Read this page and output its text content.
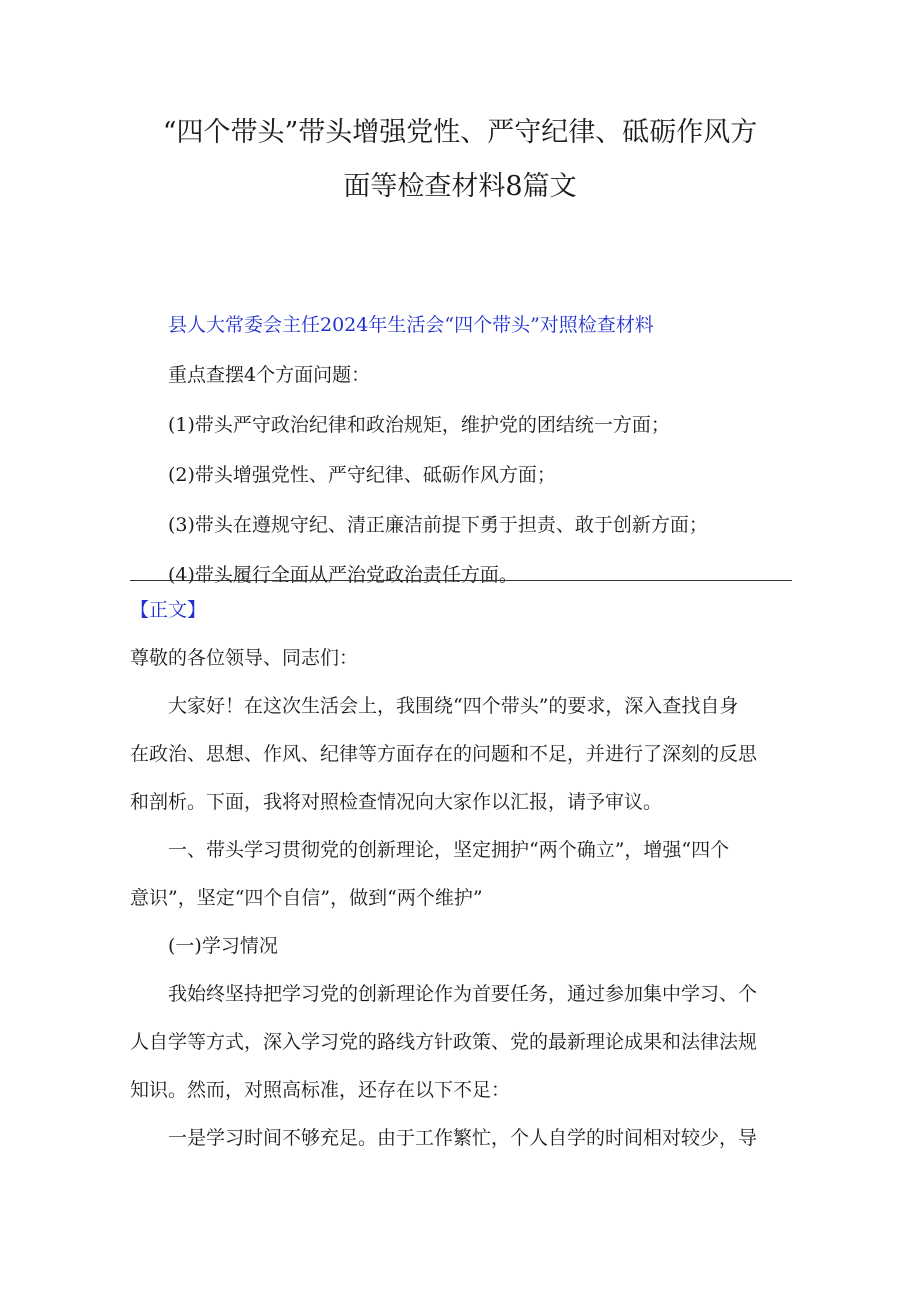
“四个带头”带头增强党性、严守纪律、砥砺作风方
面等检查材料8篇文
县人大常委会主任2024年生活会“四个带头”对照检查材料
重点查摆4个方面问题：
(1)带头严守政治纪律和政治规矩，维护党的团结统一方面；
(2)带头增强党性、严守纪律、砥砺作风方面；
(3)带头在遵规守纪、清正廉洁前提下勇于担责、敢于创新方面；
(4)带头履行全面从严治党政治责任方面。
【正文】
尊敬的各位领导、同志们：
大家好！在这次生活会上，我围绕“四个带头”的要求，深入查找自身
在政治、思想、作风、纪律等方面存在的问题和不足，并进行了深刻的反思
和剖析。下面，我将对照检查情况向大家作以汇报，请予审议。
一、带头学习贯彻党的创新理论，坚定拥护“两个确立”，增强“四个
意识”，坚定“四个自信”，做到“两个维护”
(一)学习情况
我始终坚持把学习党的创新理论作为首要任务，通过参加集中学习、个
人自学等方式，深入学习党的路线方针政策、党的最新理论成果和法律法规
知识。然而，对照高标准，还存在以下不足：
一是学习时间不够充足。由于工作繁忙，个人自学的时间相对较少，导
